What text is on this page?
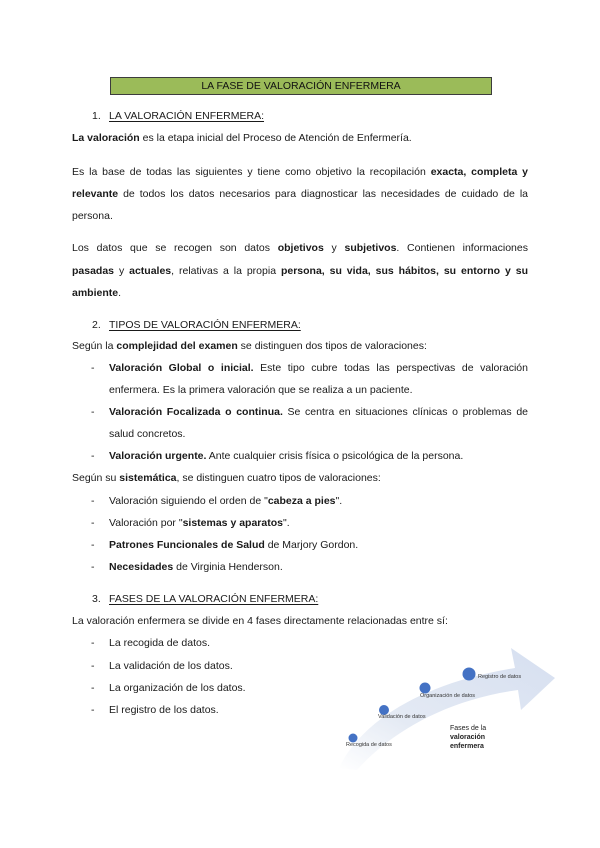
LA FASE DE VALORACIÓN ENFERMERA
1. LA VALORACIÓN ENFERMERA:
La valoración es la etapa inicial del Proceso de Atención de Enfermería.
Es la base de todas las siguientes y tiene como objetivo la recopilación exacta, completa y
relevante de todos los datos necesarios para diagnosticar las necesidades de cuidado de la
persona.
Los datos que se recogen son datos objetivos y subjetivos. Contienen informaciones
pasadas y actuales, relativas a la propia persona, su vida, sus hábitos, su entorno y su
ambiente.
2. TIPOS DE VALORACIÓN ENFERMERA:
Según la complejidad del examen se distinguen dos tipos de valoraciones:
- Valoración Global o inicial. Este tipo cubre todas las perspectivas de valoración
enfermera. Es la primera valoración que se realiza a un paciente.
- Valoración Focalizada o continua. Se centra en situaciones clínicas o problemas de
salud concretos.
- Valoración urgente. Ante cualquier crisis física o psicológica de la persona.
Según su sistemática, se distinguen cuatro tipos de valoraciones:
- Valoración siguiendo el orden de "cabeza a pies".
- Valoración por "sistemas y aparatos".
- Patrones Funcionales de Salud de Marjory Gordon.
- Necesidades de Virginia Henderson.
3. FASES DE LA VALORACIÓN ENFERMERA:
La valoración enfermera se divide en 4 fases directamente relacionadas entre sí:
- La recogida de datos.
- La validación de los datos.
- La organización de los datos.
- El registro de los datos.
Recogida de datos
Validación de datos
Organización de datos
Registro de datos
Fases de la
valoración
enfermera
